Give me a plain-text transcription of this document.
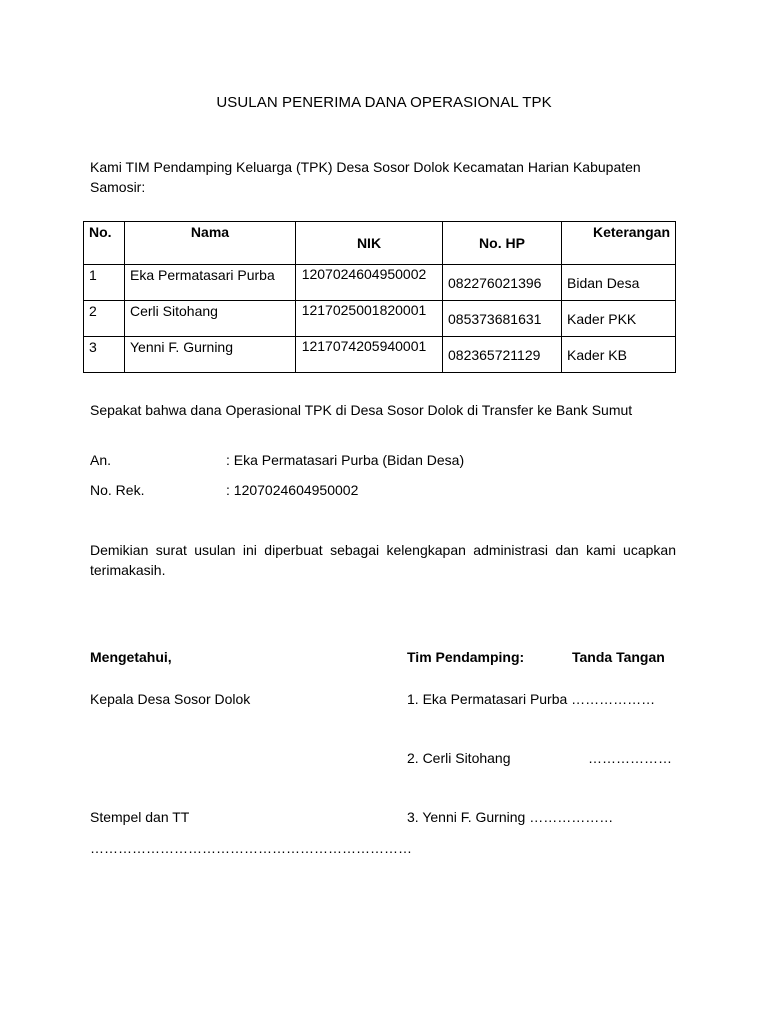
USULAN PENERIMA DANA OPERASIONAL TPK
Kami TIM Pendamping Keluarga (TPK) Desa Sosor Dolok Kecamatan Harian Kabupaten Samosir:
No.	Nama	NIK	No. HP	Keterangan
1	Eka Permatasari Purba	1207024604950002	082276021396	Bidan Desa
2	Cerli Sitohang	1217025001820001	085373681631	Kader PKK
3	Yenni F. Gurning	1217074205940001	082365721129	Kader KB
Sepakat bahwa dana Operasional TPK di Desa Sosor Dolok di Transfer ke Bank Sumut
An.	: Eka Permatasari Purba (Bidan Desa)
No. Rek.	: 1207024604950002
Demikian surat usulan ini diperbuat sebagai kelengkapan administrasi dan kami ucapkan terimakasih.
Mengetahui,	Tim Pendamping:	Tanda Tangan
Kepala Desa Sosor Dolok	1. Eka Permatasari Purba ………………
2. Cerli Sitohang	………………
Stempel dan TT	3. Yenni F. Gurning ………………
……………………………………………………………
